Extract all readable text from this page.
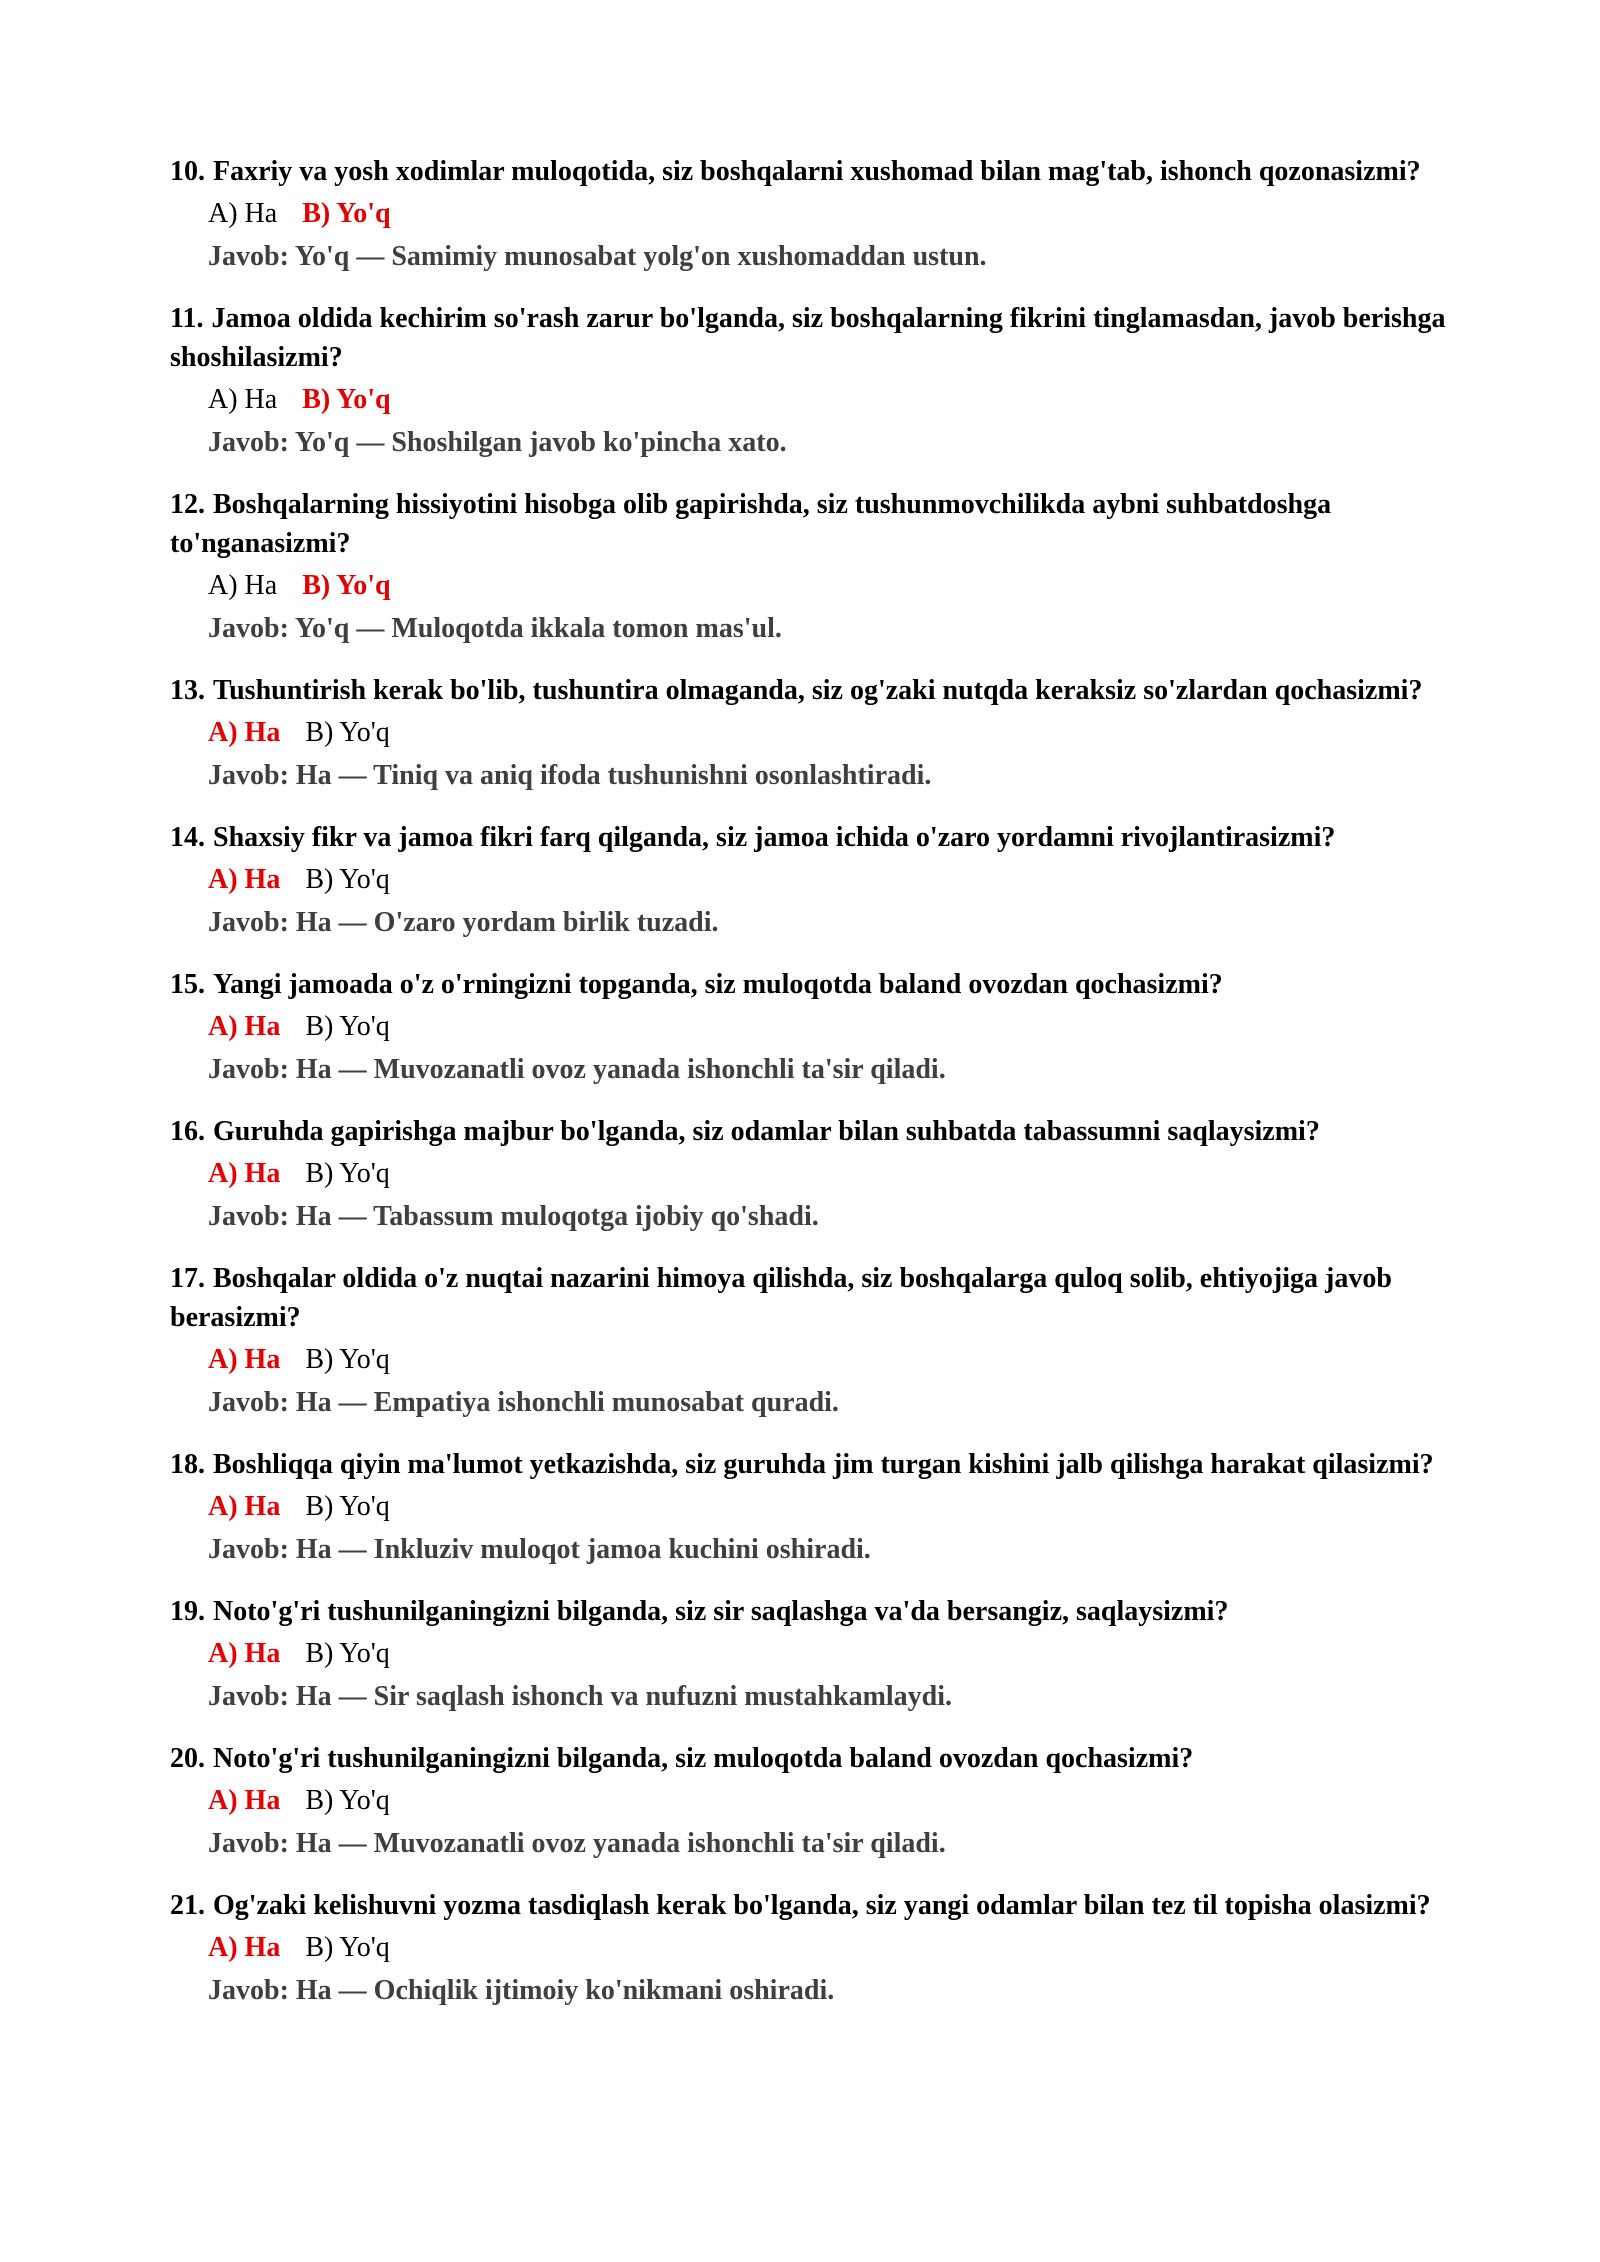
10. Faxriy va yosh xodimlar muloqotida, siz boshqalarni xushomad bilan mag'tab, ishonch qozonasizmi?

A) Ha B) Yo'q
Javob: Yo'q — Samimiy munosabat yolg'on xushomaddan ustun.

11. Jamoa oldida kechirim so'rash zarur bo'lganda, siz boshqalarning fikrini tinglamasdan, javob berishga shoshilasizmi?

A) Ha B) Yo'q
Javob: Yo'q — Shoshilgan javob ko'pincha xato.

12. Boshqalarning hissiyotini hisobga olib gapirishda, siz tushunmovchilikda aybni suhbatdoshga to'nganasizmi?

A) Ha B) Yo'q
Javob: Yo'q — Muloqotda ikkala tomon mas'ul.

13. Tushuntirish kerak bo'lib, tushuntira olmaganda, siz og'zaki nutqda keraksiz so'zlardan qochasizmi?

A) Ha B) Yo'q
Javob: Ha — Tiniq va aniq ifoda tushunishni osonlashtiradi.

14. Shaxsiy fikr va jamoa fikri farq qilganda, siz jamoa ichida o'zaro yordamni rivojlantirasizmi?

A) Ha B) Yo'q
Javob: Ha — O'zaro yordam birlik tuzadi.

15. Yangi jamoada o'z o'rningizni topganda, siz muloqotda baland ovozdan qochasizmi?

A) Ha B) Yo'q
Javob: Ha — Muvozanatli ovoz yanada ishonchli ta'sir qiladi.

16. Guruhda gapirishga majbur bo'lganda, siz odamlar bilan suhbatda tabassumni saqlaysizmi?

A) Ha B) Yo'q
Javob: Ha — Tabassum muloqotga ijobiy qo'shadi.

17. Boshqalar oldida o'z nuqtai nazarini himoya qilishda, siz boshqalarga quloq solib, ehtiyojiga javob berasizmi?

A) Ha B) Yo'q
Javob: Ha — Empatiya ishonchli munosabat quradi.

18. Boshliqqa qiyin ma'lumot yetkazishda, siz guruhda jim turgan kishini jalb qilishga harakat qilasizmi?

A) Ha B) Yo'q
Javob: Ha — Inkluziv muloqot jamoa kuchini oshiradi.

19. Noto'g'ri tushunilganingizni bilganda, siz sir saqlashga va'da bersangiz, saqlaysizmi?

A) Ha B) Yo'q
Javob: Ha — Sir saqlash ishonch va nufuzni mustahkamlaydi.

20. Noto'g'ri tushunilganingizni bilganda, siz muloqotda baland ovozdan qochasizmi?

A) Ha B) Yo'q
Javob: Ha — Muvozanatli ovoz yanada ishonchli ta'sir qiladi.

21. Og'zaki kelishuvni yozma tasdiqlash kerak bo'lganda, siz yangi odamlar bilan tez til topisha olasizmi?

A) Ha B) Yo'q
Javob: Ha — Ochiqlik ijtimoiy ko'nikmani oshiradi.
